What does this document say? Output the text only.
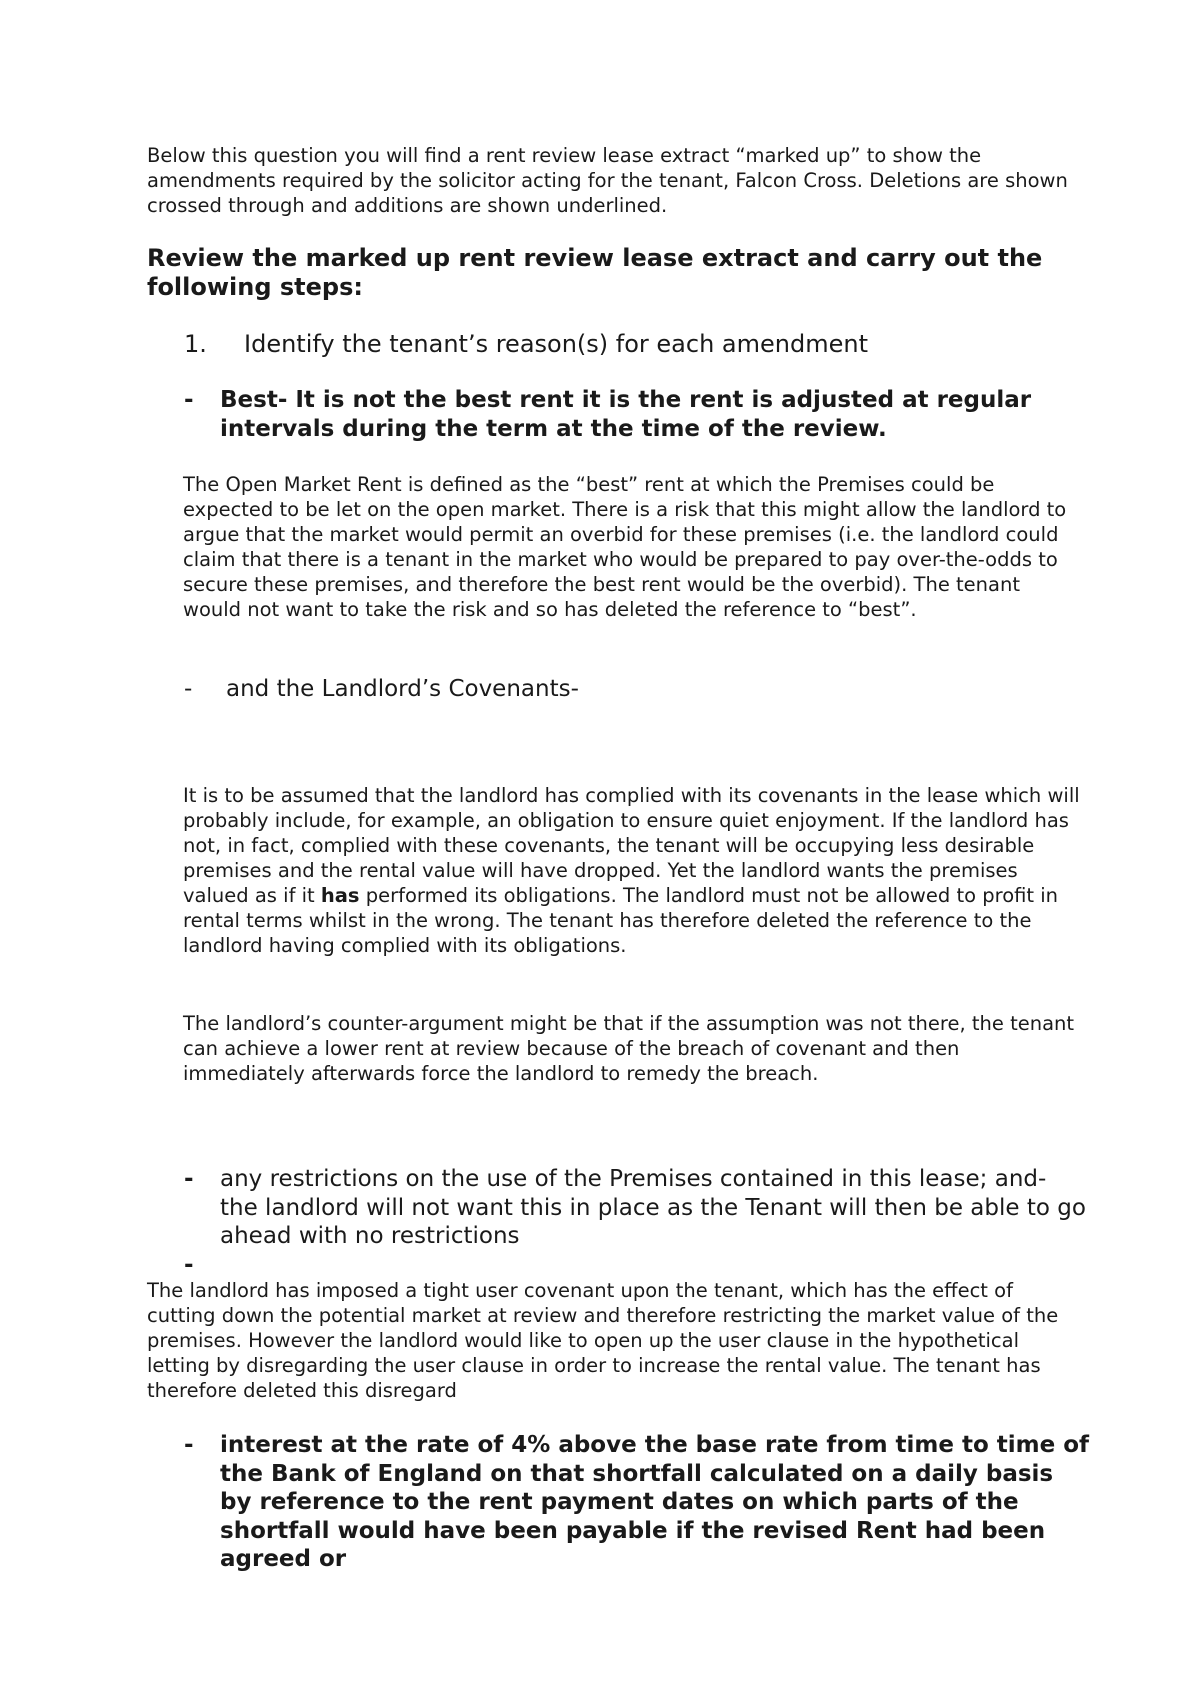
Below this question you will find a rent review lease extract “marked up” to show the amendments required by the solicitor acting for the tenant, Falcon Cross. Deletions are shown crossed through and additions are shown underlined.
Review the marked up rent review lease extract and carry out the following steps:
1. Identify the tenant’s reason(s) for each amendment
- Best- It is not the best rent it is the rent is adjusted at regular intervals during the term at the time of the review.
The Open Market Rent is defined as the “best” rent at which the Premises could be expected to be let on the open market. There is a risk that this might allow the landlord to argue that the market would permit an overbid for these premises (i.e. the landlord could claim that there is a tenant in the market who would be prepared to pay over-the-odds to secure these premises, and therefore the best rent would be the overbid). The tenant would not want to take the risk and so has deleted the reference to “best”.
- and the Landlord’s Covenants-
It is to be assumed that the landlord has complied with its covenants in the lease which will probably include, for example, an obligation to ensure quiet enjoyment. If the landlord has not, in fact, complied with these covenants, the tenant will be occupying less desirable premises and the rental value will have dropped. Yet the landlord wants the premises valued as if it has performed its obligations. The landlord must not be allowed to profit in rental terms whilst in the wrong. The tenant has therefore deleted the reference to the landlord having complied with its obligations.
The landlord’s counter-argument might be that if the assumption was not there, the tenant can achieve a lower rent at review because of the breach of covenant and then immediately afterwards force the landlord to remedy the breach.
- any restrictions on the use of the Premises contained in this lease; and- the landlord will not want this in place as the Tenant will then be able to go ahead with no restrictions
-
The landlord has imposed a tight user covenant upon the tenant, which has the effect of cutting down the potential market at review and therefore restricting the market value of the premises. However the landlord would like to open up the user clause in the hypothetical letting by disregarding the user clause in order to increase the rental value. The tenant has therefore deleted this disregard
- interest at the rate of 4% above the base rate from time to time of the Bank of England on that shortfall calculated on a daily basis by reference to the rent payment dates on which parts of the shortfall would have been payable if the revised Rent had been agreed or
